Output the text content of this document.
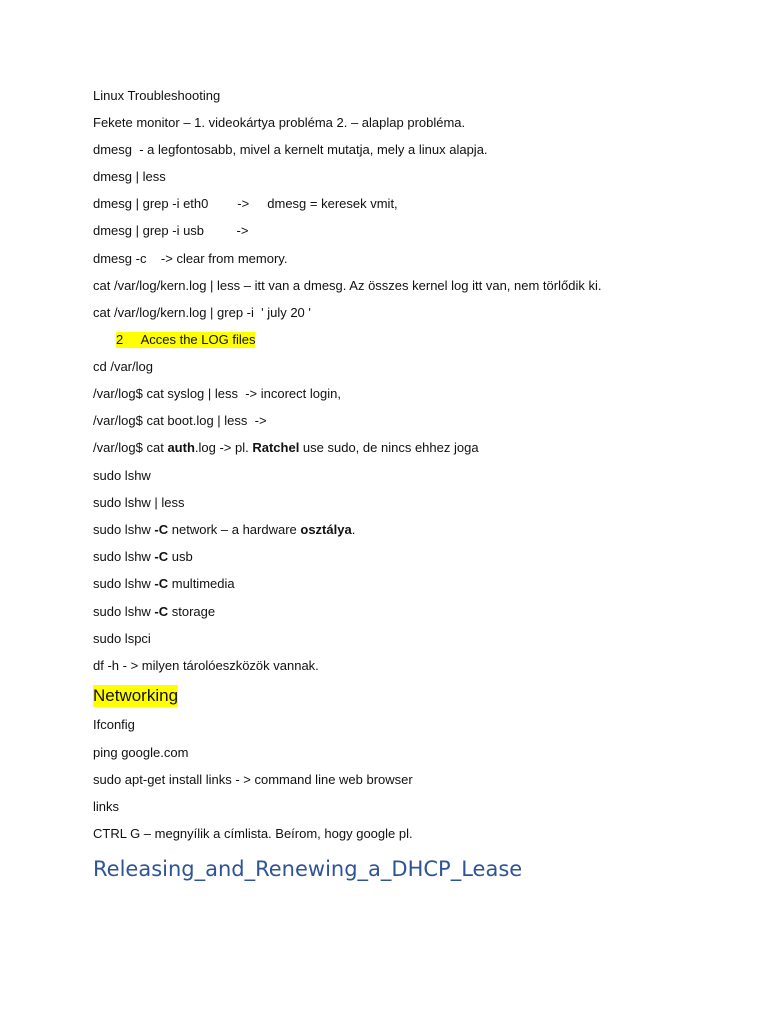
Linux Troubleshooting
Fekete monitor – 1. videokártya probléma 2. – alaplap probléma.
dmesg  - a legfontosabb, mivel a kernelt mutatja, mely a linux alapja.
dmesg | less
dmesg | grep -i eth0        ->     dmesg = keresek vmit,
dmesg | grep -i usb         ->
dmesg -c    -> clear from memory.
cat /var/log/kern.log | less – itt van a dmesg. Az összes kernel log itt van, nem törlődik ki.
cat /var/log/kern.log | grep -i  ' july 20 '
2 Acces the LOG files
cd /var/log
/var/log$ cat syslog | less  -> incorect login,
/var/log$ cat boot.log | less  ->
/var/log$ cat auth.log -> pl. Ratchel use sudo, de nincs ehhez joga
sudo lshw
sudo lshw | less
sudo lshw -C network – a hardware osztálya.
sudo lshw -C usb
sudo lshw -C multimedia
sudo lshw -C storage
sudo lspci
df -h - > milyen tárolóeszközök vannak.
Networking
Ifconfig
ping google.com
sudo apt-get install links - > command line web browser
links
CTRL G – megnyílik a címlista. Beírom, hogy google pl.
Releasing_and_Renewing_a_DHCP_Lease
